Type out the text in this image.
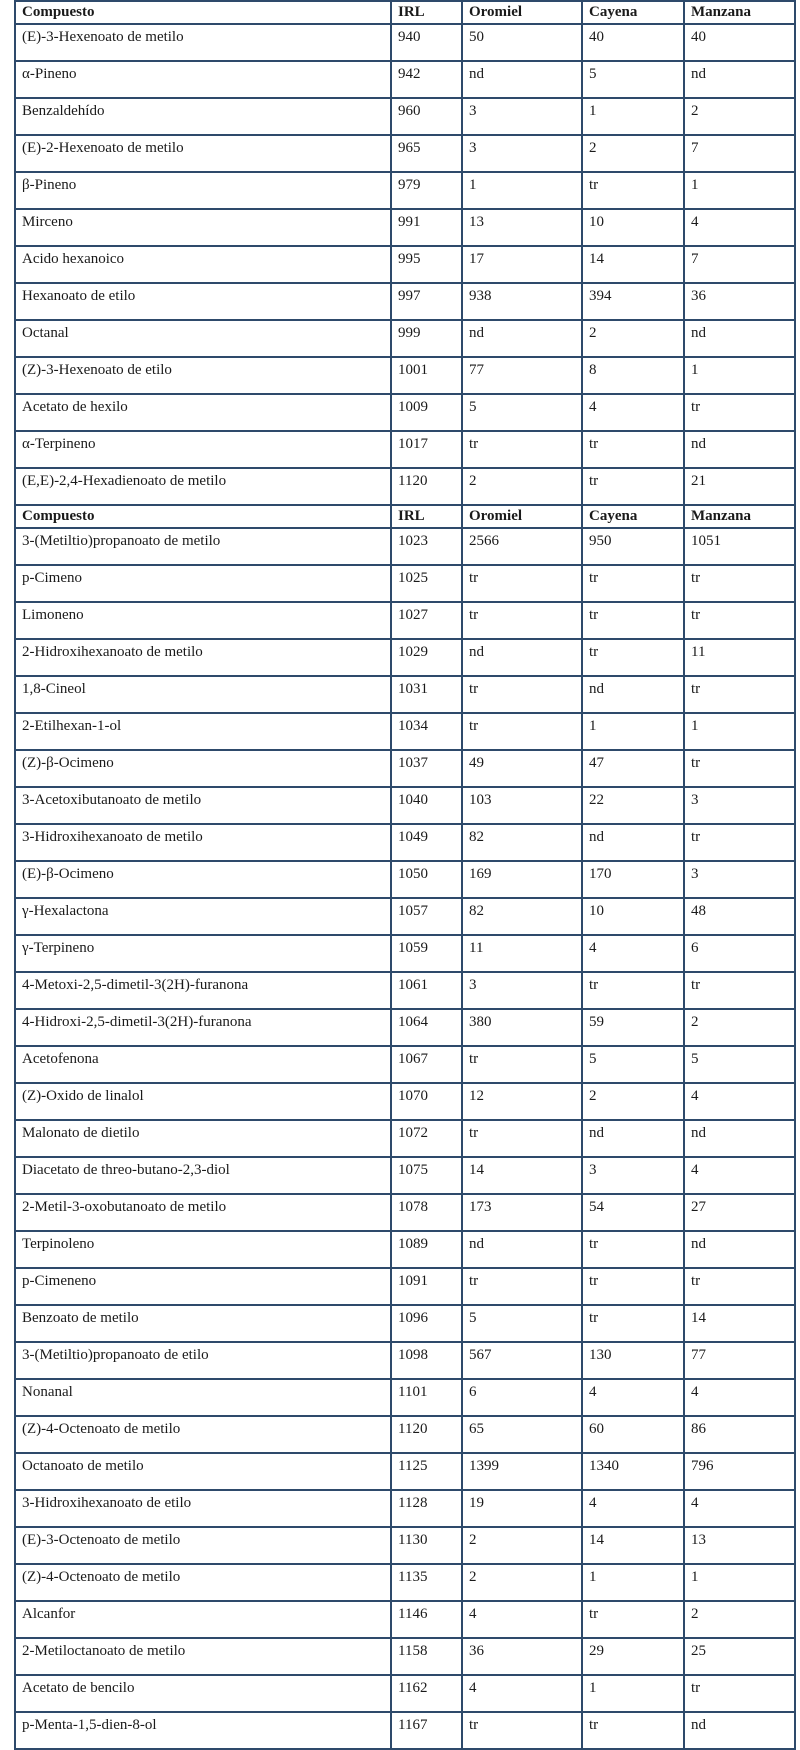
Compuesto	IRL	Oromiel	Cayena	Manzana
(E)-3-Hexenoato de metilo	940	50	40	40
α-Pineno	942	nd	5	nd
Benzaldehído	960	3	1	2
(E)-2-Hexenoato de metilo	965	3	2	7
β-Pineno	979	1	tr	1
Mirceno	991	13	10	4
Acido hexanoico	995	17	14	7
Hexanoato de etilo	997	938	394	36
Octanal	999	nd	2	nd
(Z)-3-Hexenoato de etilo	1001	77	8	1
Acetato de hexilo	1009	5	4	tr
α-Terpineno	1017	tr	tr	nd
(E,E)-2,4-Hexadienoato de metilo	1120	2	tr	21
Compuesto	IRL	Oromiel	Cayena	Manzana
3-(Metiltio)propanoato de metilo	1023	2566	950	1051
p-Cimeno	1025	tr	tr	tr
Limoneno	1027	tr	tr	tr
2-Hidroxihexanoato de metilo	1029	nd	tr	11
1,8-Cineol	1031	tr	nd	tr
2-Etilhexan-1-ol	1034	tr	1	1
(Z)-β-Ocimeno	1037	49	47	tr
3-Acetoxibutanoato de metilo	1040	103	22	3
3-Hidroxihexanoato de metilo	1049	82	nd	tr
(E)-β-Ocimeno	1050	169	170	3
γ-Hexalactona	1057	82	10	48
γ-Terpineno	1059	11	4	6
4-Metoxi-2,5-dimetil-3(2H)-furanona	1061	3	tr	tr
4-Hidroxi-2,5-dimetil-3(2H)-furanona	1064	380	59	2
Acetofenona	1067	tr	5	5
(Z)-Oxido de linalol	1070	12	2	4
Malonato de dietilo	1072	tr	nd	nd
Diacetato de threo-butano-2,3-diol	1075	14	3	4
2-Metil-3-oxobutanoato de metilo	1078	173	54	27
Terpinoleno	1089	nd	tr	nd
p-Cimeneno	1091	tr	tr	tr
Benzoato de metilo	1096	5	tr	14
3-(Metiltio)propanoato de etilo	1098	567	130	77
Nonanal	1101	6	4	4
(Z)-4-Octenoato de metilo	1120	65	60	86
Octanoato de metilo	1125	1399	1340	796
3-Hidroxihexanoato de etilo	1128	19	4	4
(E)-3-Octenoato de metilo	1130	2	14	13
(Z)-4-Octenoato de metilo	1135	2	1	1
Alcanfor	1146	4	tr	2
2-Metiloctanoato de metilo	1158	36	29	25
Acetato de bencilo	1162	4	1	tr
p-Menta-1,5-dien-8-ol	1167	tr	tr	nd
